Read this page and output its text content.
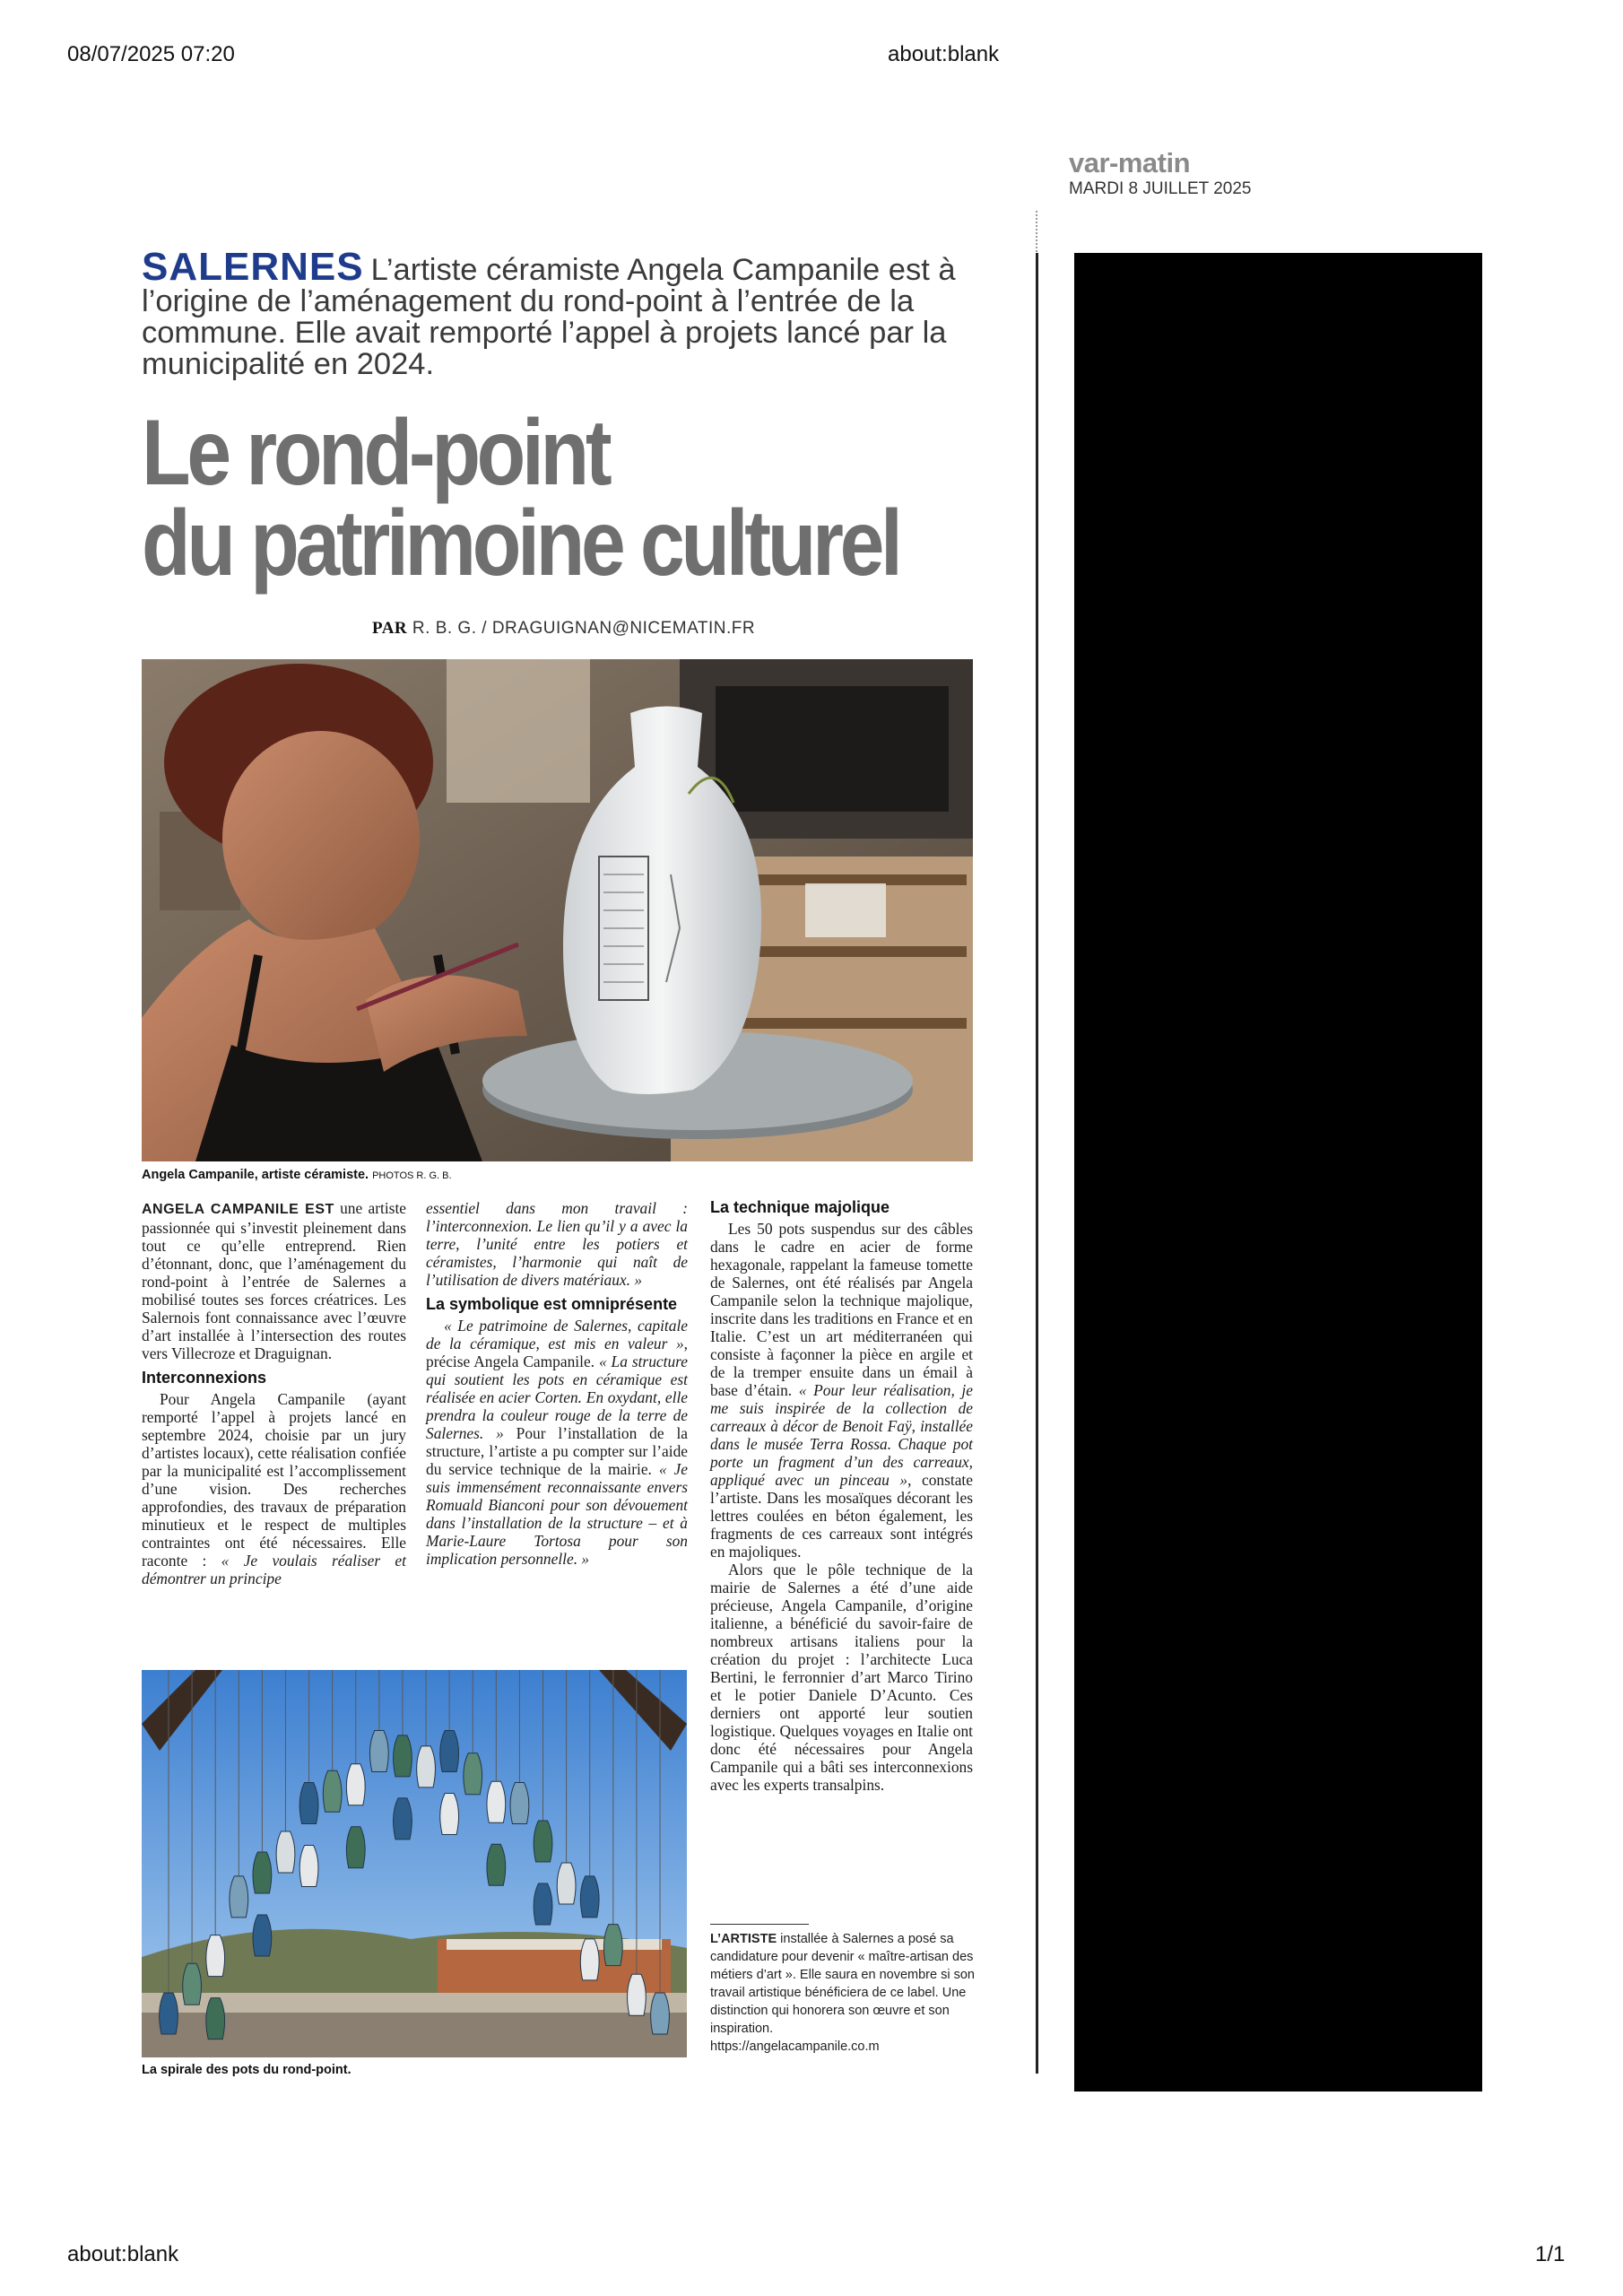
08/07/2025 07:20	about:blank
var-matin
MARDI 8 JUILLET 2025
SALERNES L’artiste céramiste Angela Campanile est à l’origine de l’aménagement du rond-point à l’entrée de la commune. Elle avait remporté l’appel à projets lancé par la municipalité en 2024.
Le rond-point
du patrimoine culturel
PAR R. B. G. / DRAGUIGNAN@NICEMATIN.FR
Angela Campanile, artiste céramiste. PHOTOS R. G. B.

ANGELA CAMPANILE EST une artiste passionnée qui s’investit pleinement dans tout ce qu’elle entreprend. Rien d’étonnant, donc, que l’aménagement du rond-point à l’entrée de Salernes a mobilisé toutes ses forces créatrices. Les Salernois font connaissance avec l’œuvre d’art installée à l’intersection des routes vers Villecroze et Draguignan.

Interconnexions

Pour Angela Campanile (ayant remporté l’appel à projets lancé en septembre 2024, choisie par un jury d’artistes locaux), cette réalisation confiée par la municipalité est l’accomplissement d’une vision. Des recherches approfondies, des travaux de préparation minutieux et le respect de multiples contraintes ont été nécessaires. Elle raconte : « Je voulais réaliser et démontrer un principe

essentiel dans mon travail : l’interconnexion. Le lien qu’il y a avec la terre, l’unité entre les potiers et céramistes, l’harmonie qui naît de l’utilisation de divers matériaux. »

La symbolique est omniprésente

« Le patrimoine de Salernes, capitale de la céramique, est mis en valeur », précise Angela Campanile. « La structure qui soutient les pots en céramique est réalisée en acier Corten. En oxydant, elle prendra la couleur rouge de la terre de Salernes. » Pour l’installation de la structure, l’artiste a pu compter sur l’aide du service technique de la mairie. « Je suis immensément reconnaissante envers Romuald Bianconi pour son dévouement dans l’installation de la structure – et à Marie-Laure Tortosa pour son implication personnelle. »

La technique majolique

Les 50 pots suspendus sur des câbles dans le cadre en acier de forme hexagonale, rappelant la fameuse tomette de Salernes, ont été réalisés par Angela Campanile selon la technique majolique, inscrite dans les traditions en France et en Italie. C’est un art méditerranéen qui consiste à façonner la pièce en argile et de la tremper ensuite dans un émail à base d’étain. « Pour leur réalisation, je me suis inspirée de la collection de carreaux à décor de Benoit Faÿ, installée dans le musée Terra Rossa. Chaque pot porte un fragment d’un des carreaux, appliqué avec un pinceau », constate l’artiste. Dans les mosaïques décorant les lettres coulées en béton également, les fragments de ces carreaux sont intégrés en majoliques.

Alors que le pôle technique de la mairie de Salernes a été d’une aide précieuse, Angela Campanile, d’origine italienne, a bénéficié du savoir-faire de nombreux artisans italiens pour la création du projet : l’architecte Luca Bertini, le ferronnier d’art Marco Tirino et le potier Daniele D’Acunto. Ces derniers ont apporté leur soutien logistique. Quelques voyages en Italie ont donc été nécessaires pour Angela Campanile qui a bâti ses interconnexions avec les experts transalpins.

L’ARTISTE installée à Salernes a posé sa candidature pour devenir « maître-artisan des métiers d’art ». Elle saura en novembre si son travail artistique bénéficiera de ce label. Une distinction qui honorera son œuvre et son inspiration.
https://angelacampanile.co.m
La spirale des pots du rond-point.
about:blank	1/1
